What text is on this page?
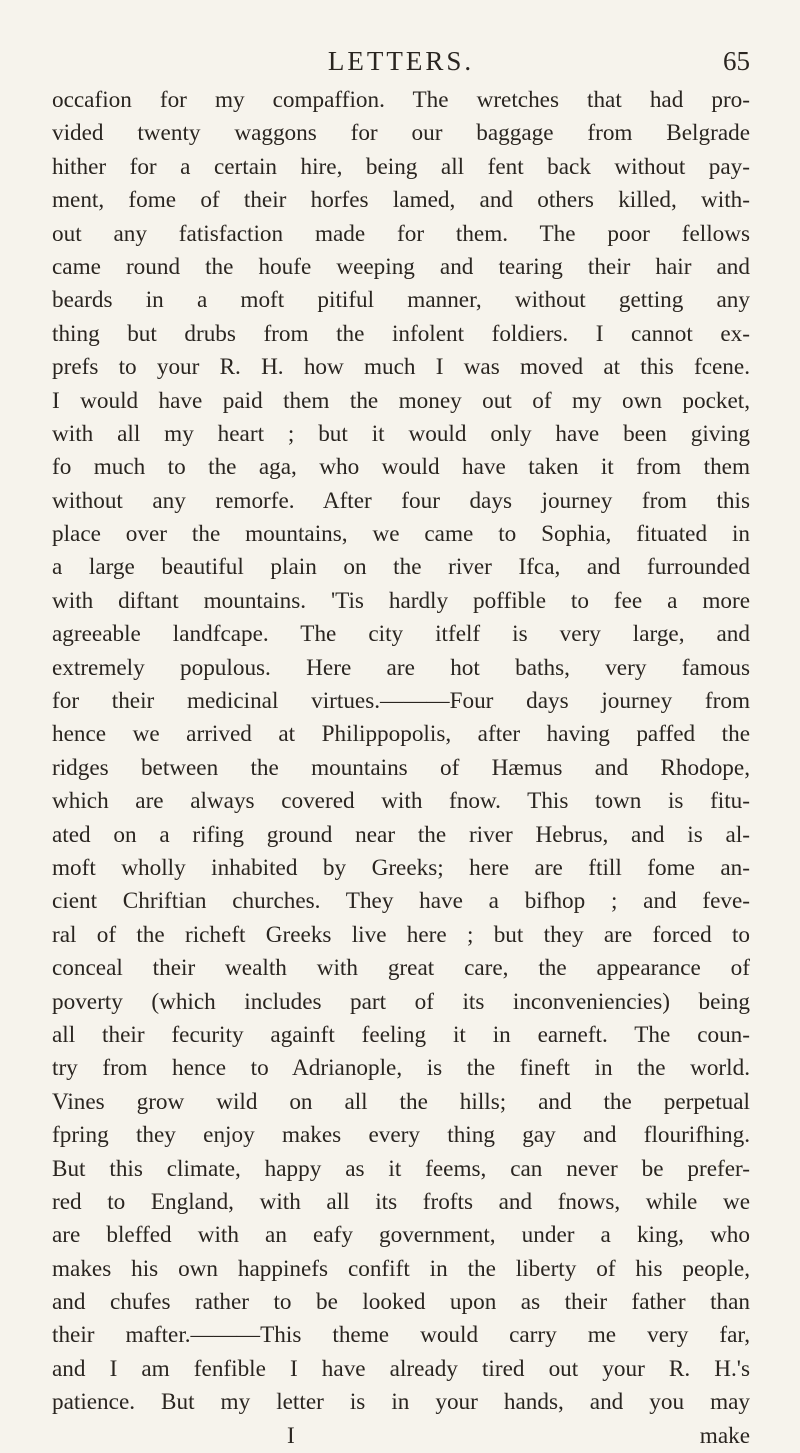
LETTERS.	65
occafion for my compaffion. The wretches that had pro-
vided twenty waggons for our baggage from Belgrade
hither for a certain hire, being all fent back without pay-
ment, fome of their horfes lamed, and others killed, with-
out any fatisfaction made for them. The poor fellows
came round the houfe weeping and tearing their hair and
beards in a moft pitiful manner, without getting any
thing but drubs from the infolent foldiers. I cannot ex-
prefs to your R. H. how much I was moved at this fcene.
I would have paid them the money out of my own pocket,
with all my heart ; but it would only have been giving
fo much to the aga, who would have taken it from them
without any remorfe. After four days journey from this
place over the mountains, we came to Sophia, fituated in
a large beautiful plain on the river Ifca, and furrounded
with diftant mountains. 'Tis hardly poffible to fee a more
agreeable landfcape. The city itfelf is very large, and
extremely populous. Here are hot baths, very famous
for their medicinal virtues.———Four days journey from
hence we arrived at Philippopolis, after having paffed the
ridges between the mountains of Hæmus and Rhodope,
which are always covered with fnow. This town is fitu-
ated on a rifing ground near the river Hebrus, and is al-
moft wholly inhabited by Greeks; here are ftill fome an-
cient Chriftian churches. They have a bifhop ; and feve-
ral of the richeft Greeks live here ; but they are forced to
conceal their wealth with great care, the appearance of
poverty (which includes part of its inconveniencies) being
all their fecurity againft feeling it in earneft. The coun-
try from hence to Adrianople, is the fineft in the world.
Vines grow wild on all the hills; and the perpetual
fpring they enjoy makes every thing gay and flourifhing.
But this climate, happy as it feems, can never be prefer-
red to England, with all its frofts and fnows, while we
are bleffed with an eafy government, under a king, who
makes his own happinefs confift in the liberty of his people,
and chufes rather to be looked upon as their father than
their mafter.———This theme would carry me very far,
and I am fenfible I have already tired out your R. H.'s
patience. But my letter is in your hands, and you may
I	make
